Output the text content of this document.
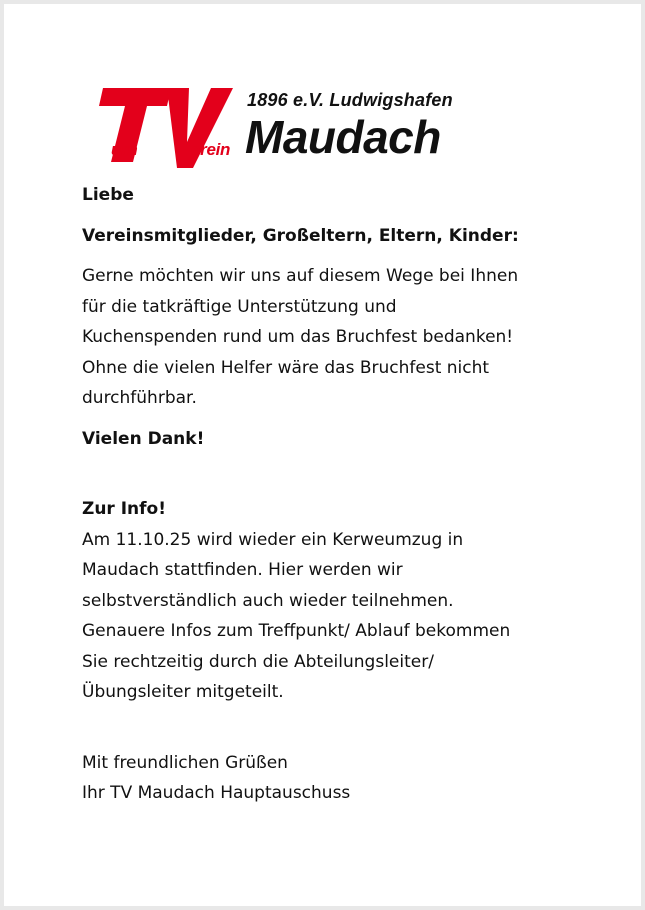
urn	erein
1896 e.V. Ludwigshafen
Maudach

Liebe

Vereinsmitglieder, Großeltern, Eltern, Kinder:

Gerne möchten wir uns auf diesem Wege bei Ihnen
für die tatkräftige Unterstützung und
Kuchenspenden rund um das Bruchfest bedanken!
Ohne die vielen Helfer wäre das Bruchfest nicht
durchführbar.

Vielen Dank!

Zur Info!

Am 11.10.25 wird wieder ein Kerweumzug in
Maudach stattfinden. Hier werden wir
selbstverständlich auch wieder teilnehmen.
Genauere Infos zum Treffpunkt/ Ablauf bekommen
Sie rechtzeitig durch die Abteilungsleiter/
Übungsleiter mitgeteilt.
Mit freundlichen Grüßen
Ihr TV Maudach Hauptauschuss
